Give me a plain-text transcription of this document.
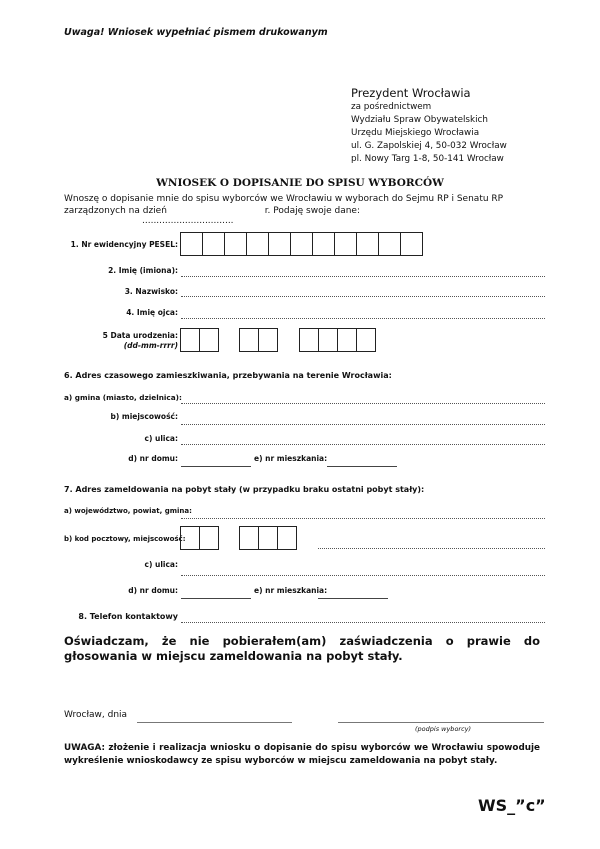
Uwaga! Wniosek wypełniać pismem drukowanym
Prezydent Wrocławia
za pośrednictwem
Wydziału Spraw Obywatelskich
Urzędu Miejskiego Wrocławia
ul. G. Zapolskiej 4, 50-032 Wrocław
pl. Nowy Targ 1-8, 50-141 Wrocław
WNIOSEK O DOPISANIE DO SPISU WYBORCÓW
Wnoszę o dopisanie mnie do spisu wyborców we Wrocławiu w wyborach do Sejmu RP i Senatu RP
zarządzonych na dzień	r. Podaję swoje dane:
................................
1. Nr ewidencyjny PESEL:
2. Imię (imiona):
3. Nazwisko:
4. Imię ojca:
5 Data urodzenia:
(dd-mm-rrrr)
6. Adres czasowego zamieszkiwania, przebywania na terenie Wrocławia:
a) gmina (miasto, dzielnica):
b) miejscowość:
c) ulica:
d) nr domu:	e) nr mieszkania:
7. Adres zameldowania na pobyt stały (w przypadku braku ostatni pobyt stały):
a) województwo, powiat, gmina:
b) kod pocztowy, miejscowość:
c) ulica:
d) nr domu:	e) nr mieszkania:
8. Telefon kontaktowy
Oświadczam, że nie pobierałem(am) zaświadczenia o prawie do głosowania w miejscu zameldowania na pobyt stały.
Wrocław, dnia
(podpis wyborcy)
UWAGA: złożenie i realizacja wniosku o dopisanie do spisu wyborców we Wrocławiu spowoduje wykreślenie wnioskodawcy ze spisu wyborców w miejscu zameldowania na pobyt stały.
WS_”c”
